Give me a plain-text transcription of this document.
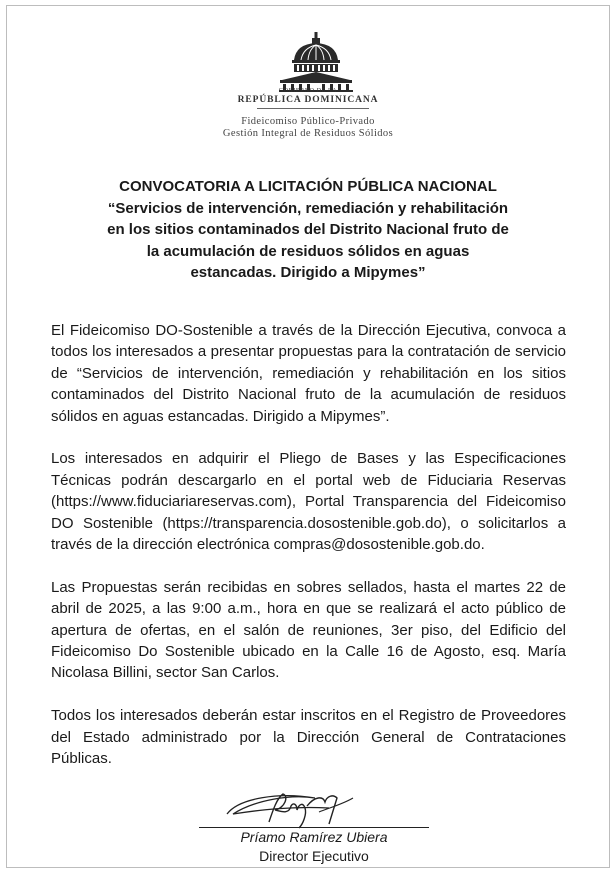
GOBIERNO DE LA
REPÚBLICA DOMINICANA
Fideicomiso Público-Privado
Gestión Integral de Residuos Sólidos
CONVOCATORIA A LICITACIÓN PÚBLICA NACIONAL
“Servicios de intervención, remediación y rehabilitación
en los sitios contaminados del Distrito Nacional fruto de
la acumulación de residuos sólidos en aguas
estancadas. Dirigido a Mipymes”

El Fideicomiso DO-Sostenible a través de la Dirección Ejecutiva, convoca a todos los interesados a presentar propuestas para la contratación de servicio de “Servicios de intervención, remediación y rehabilitación en los sitios contaminados del Distrito Nacional fruto de la acumulación de residuos sólidos en aguas estancadas. Dirigido a Mipymes”.

Los interesados en adquirir el Pliego de Bases y las Especificaciones Técnicas podrán descargarlo en el portal web de Fiduciaria Reservas (https://www.fiduciariareservas.com), Portal Transparencia del Fideicomiso DO Sostenible (https://transparencia.dosostenible.gob.do), o solicitarlos a través de la dirección electrónica compras@dosostenible.gob.do.

Las Propuestas serán recibidas en sobres sellados, hasta el martes 22 de abril de 2025, a las 9:00 a.m., hora en que se realizará el acto público de apertura de ofertas, en el salón de reuniones, 3er piso, del Edificio del Fideicomiso Do Sostenible ubicado en la Calle 16 de Agosto, esq. María Nicolasa Billini, sector San Carlos.

Todos los interesados deberán estar inscritos en el Registro de Proveedores del Estado administrado por la Dirección General de Contrataciones Públicas.

Príamo Ramírez Ubiera
Director Ejecutivo
